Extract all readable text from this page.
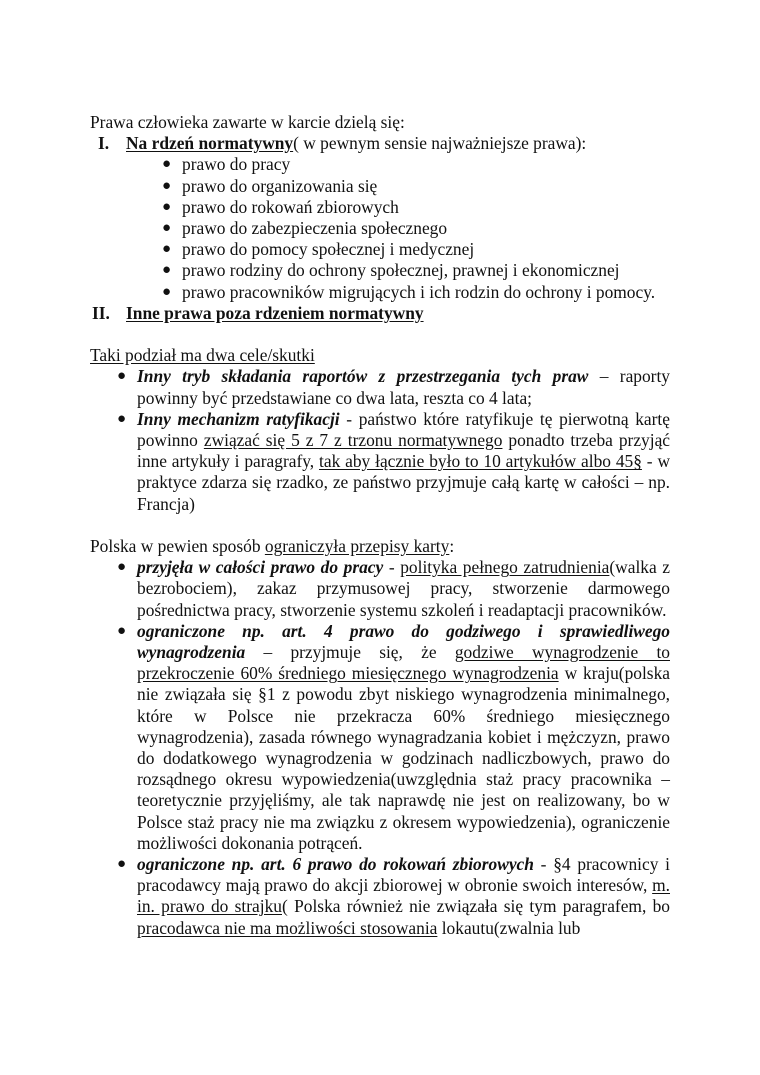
Prawa człowieka zawarte w karcie dzielą się:

I. Na rdzeń normatywny( w pewnym sensie najważniejsze prawa):

● prawo do pracy
● prawo do organizowania się
● prawo do rokowań zbiorowych
● prawo do zabezpieczenia społecznego
● prawo do pomocy społecznej i medycznej
● prawo rodziny do ochrony społecznej, prawnej i ekonomicznej
● prawo pracowników migrujących i ich rodzin do ochrony i pomocy.

II. Inne prawa poza rdzeniem normatywny

Taki podział ma dwa cele/skutki

● Inny tryb składania raportów z przestrzegania tych praw – raporty powinny być przedstawiane co dwa lata, reszta co 4 lata;
● Inny mechanizm ratyfikacji - państwo które ratyfikuje tę pierwotną kartę powinno związać się 5 z 7 z trzonu normatywnego ponadto trzeba przyjąć inne artykuły i paragrafy, tak aby łącznie było to 10 artykułów albo 45§ - w praktyce zdarza się rzadko, ze państwo przyjmuje całą kartę w całości – np. Francja)

Polska w pewien sposób ograniczyła przepisy karty:

● przyjęła w całości prawo do pracy - polityka pełnego zatrudnienia(walka z bezrobociem), zakaz przymusowej pracy, stworzenie darmowego pośrednictwa pracy, stworzenie systemu szkoleń i readaptacji pracowników.
● ograniczone np. art. 4 prawo do godziwego i sprawiedliwego wynagrodzenia – przyjmuje się, że godziwe wynagrodzenie to przekroczenie 60% średniego miesięcznego wynagrodzenia w kraju(polska nie związała się §1 z powodu zbyt niskiego wynagrodzenia minimalnego, które w Polsce nie przekracza 60% średniego miesięcznego wynagrodzenia), zasada równego wynagradzania kobiet i mężczyzn, prawo do dodatkowego wynagrodzenia w godzinach nadliczbowych, prawo do rozsądnego okresu wypowiedzenia(uwzględnia staż pracy pracownika – teoretycznie przyjęliśmy, ale tak naprawdę nie jest on realizowany, bo w Polsce staż pracy nie ma związku z okresem wypowiedzenia), ograniczenie możliwości dokonania potrąceń.
● ograniczone np. art. 6 prawo do rokowań zbiorowych - §4 pracownicy i pracodawcy mają prawo do akcji zbiorowej w obronie swoich interesów, m. in. prawo do strajku( Polska również nie związała się tym paragrafem, bo pracodawca nie ma możliwości stosowania lokautu(zwalnia lub
